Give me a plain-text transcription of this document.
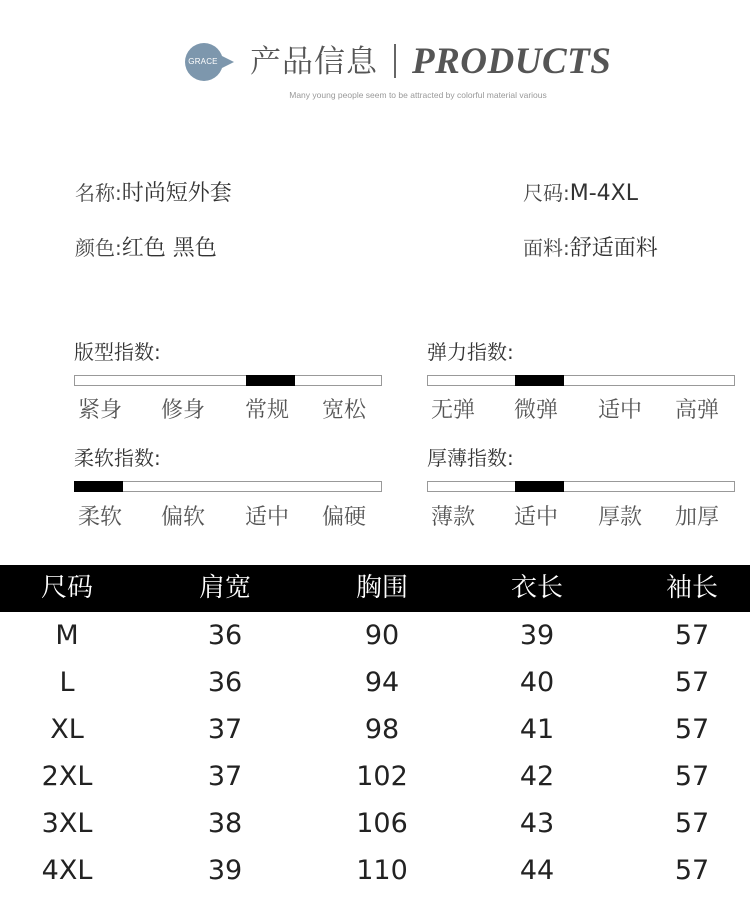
GRACE 产品信息 PRODUCTS
Many young people seem to be attracted by colorful material various
名称:时尚短外套	尺码:M-4XL
颜色:红色 黑色	面料:舒适面料
版型指数:
紧身 修身 常规 宽松
弹力指数:
无弹 微弹 适中 高弹
柔软指数:
柔软 偏软 适中 偏硬
厚薄指数:
薄款 适中 厚款 加厚
尺码	肩宽	胸围	衣长	袖长
M	36	90	39	57
L	36	94	40	57
XL	37	98	41	57
2XL	37	102	42	57
3XL	38	106	43	57
4XL	39	110	44	57
